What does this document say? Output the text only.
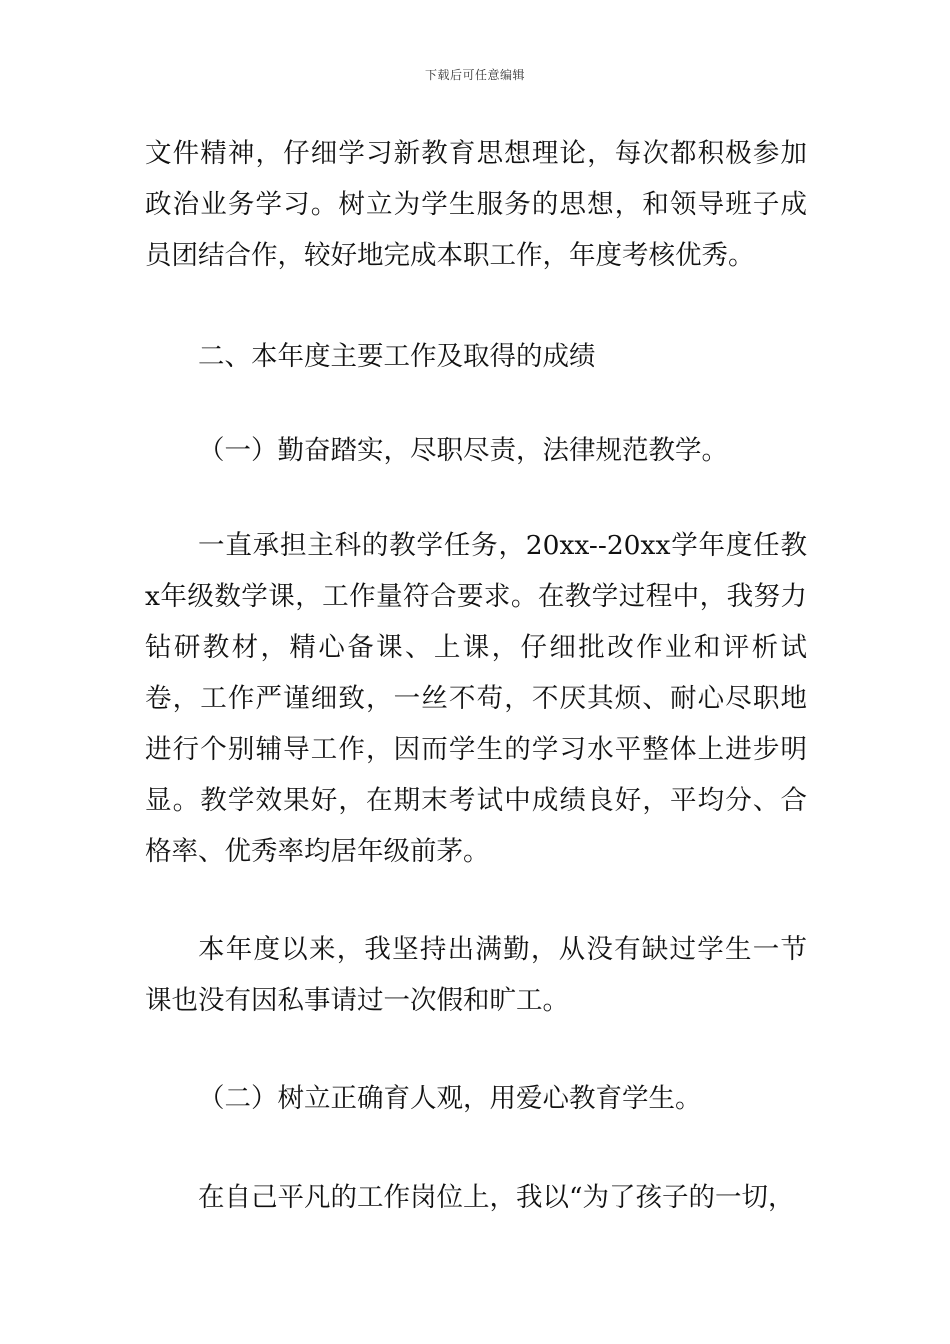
下载后可任意编辑

文件精神，仔细学习新教育思想理论，每次都积极参加政治业务学习。树立为学生服务的思想，和领导班子成员团结合作，较好地完成本职工作，年度考核优秀。

二、本年度主要工作及取得的成绩

（一）勤奋踏实，尽职尽责，法律规范教学。

一直承担主科的教学任务，20xx--20xx学年度任教x年级数学课，工作量符合要求。在教学过程中，我努力钻研教材，精心备课、上课，仔细批改作业和评析试卷，工作严谨细致，一丝不苟，不厌其烦、耐心尽职地进行个别辅导工作，因而学生的学习水平整体上进步明显。教学效果好，在期末考试中成绩良好，平均分、合格率、优秀率均居年级前茅。

本年度以来，我坚持出满勤，从没有缺过学生一节课也没有因私事请过一次假和旷工。

（二）树立正确育人观，用爱心教育学生。

在自己平凡的工作岗位上，我以“为了孩子的一切，
